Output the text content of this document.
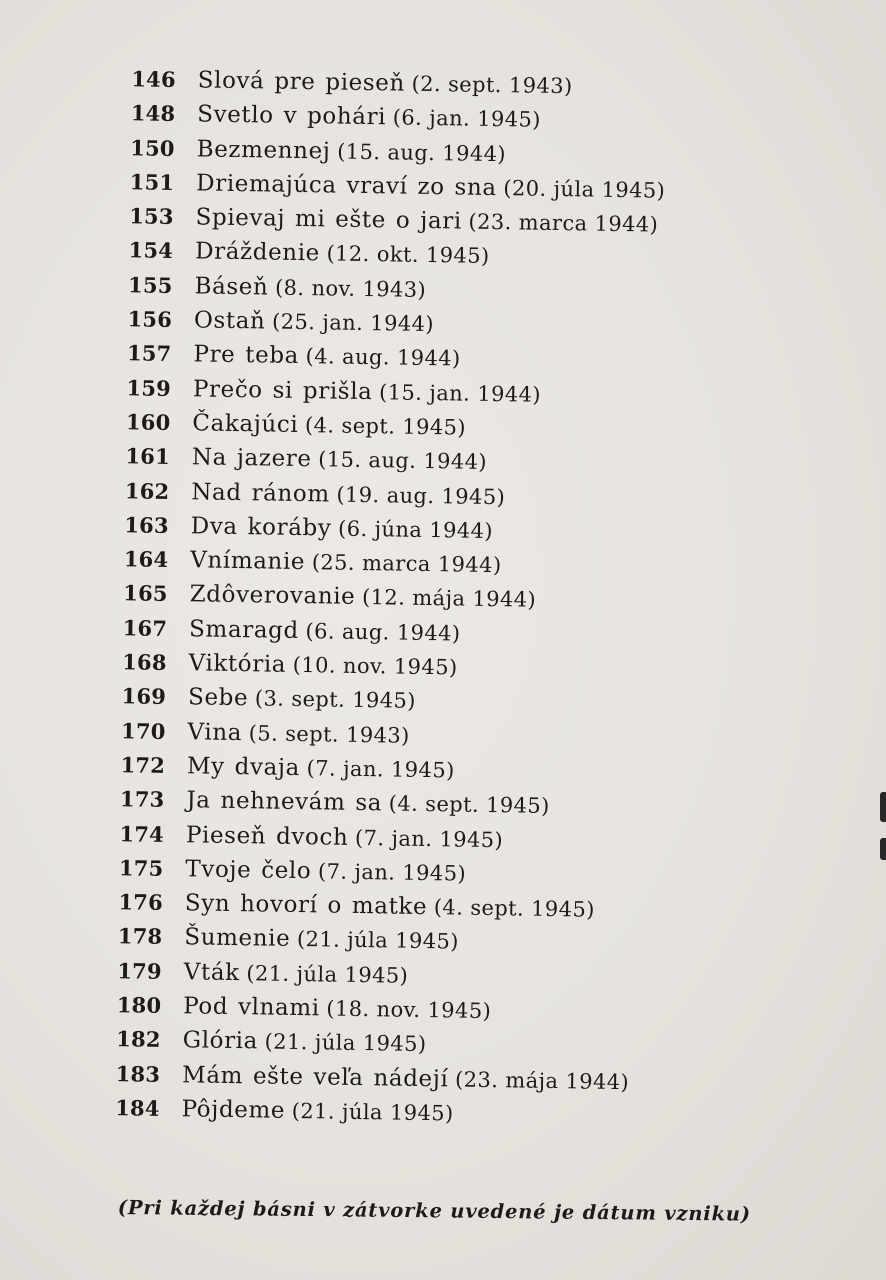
146 Slová pre pieseň
(2. sept. 1943)
148 Svetlo v pohári
(6. jan. 1945)
150 Bezmennej
(15. aug. 1944)
151 Driemajúca vraví zo sna
(20. júla 1945)
153 Spievaj mi ešte o jari
(23. marca 1944)
154 Dráždenie
(12. okt. 1945)
155 Báseň
(8. nov. 1943)
156 Ostaň
(25. jan. 1944)
157 Pre teba
(4. aug. 1944)
159 Prečo si prišla
(15. jan. 1944)
160 Čakajúci
(4. sept. 1945)
161 Na jazere
(15. aug. 1944)
162 Nad ránom
(19. aug. 1945)
163 Dva koráby
(6. júna 1944)
164 Vnímanie
(25. marca 1944)
165 Zdôverovanie
(12. mája 1944)
167 Smaragd
(6. aug. 1944)
168 Viktória
(10. nov. 1945)
169 Sebe
(3. sept. 1945)
170 Vina
(5. sept. 1943)
172 My dvaja
(7. jan. 1945)
173 Ja nehnevám sa
(4. sept. 1945)
174 Pieseň dvoch
(7. jan. 1945)
175 Tvoje čelo
(7. jan. 1945)
176 Syn hovorí o matke
(4. sept. 1945)
178 Šumenie
(21. júla 1945)
179 Vták
(21. júla 1945)
180 Pod vlnami
(18. nov. 1945)
182 Glória
(21. júla 1945)
183 Mám ešte veľa nádejí
(23. mája 1944)
184 Pôjdeme
(21. júla 1945)
(Pri každej básni v zátvorke uvedené je dátum vzniku)
